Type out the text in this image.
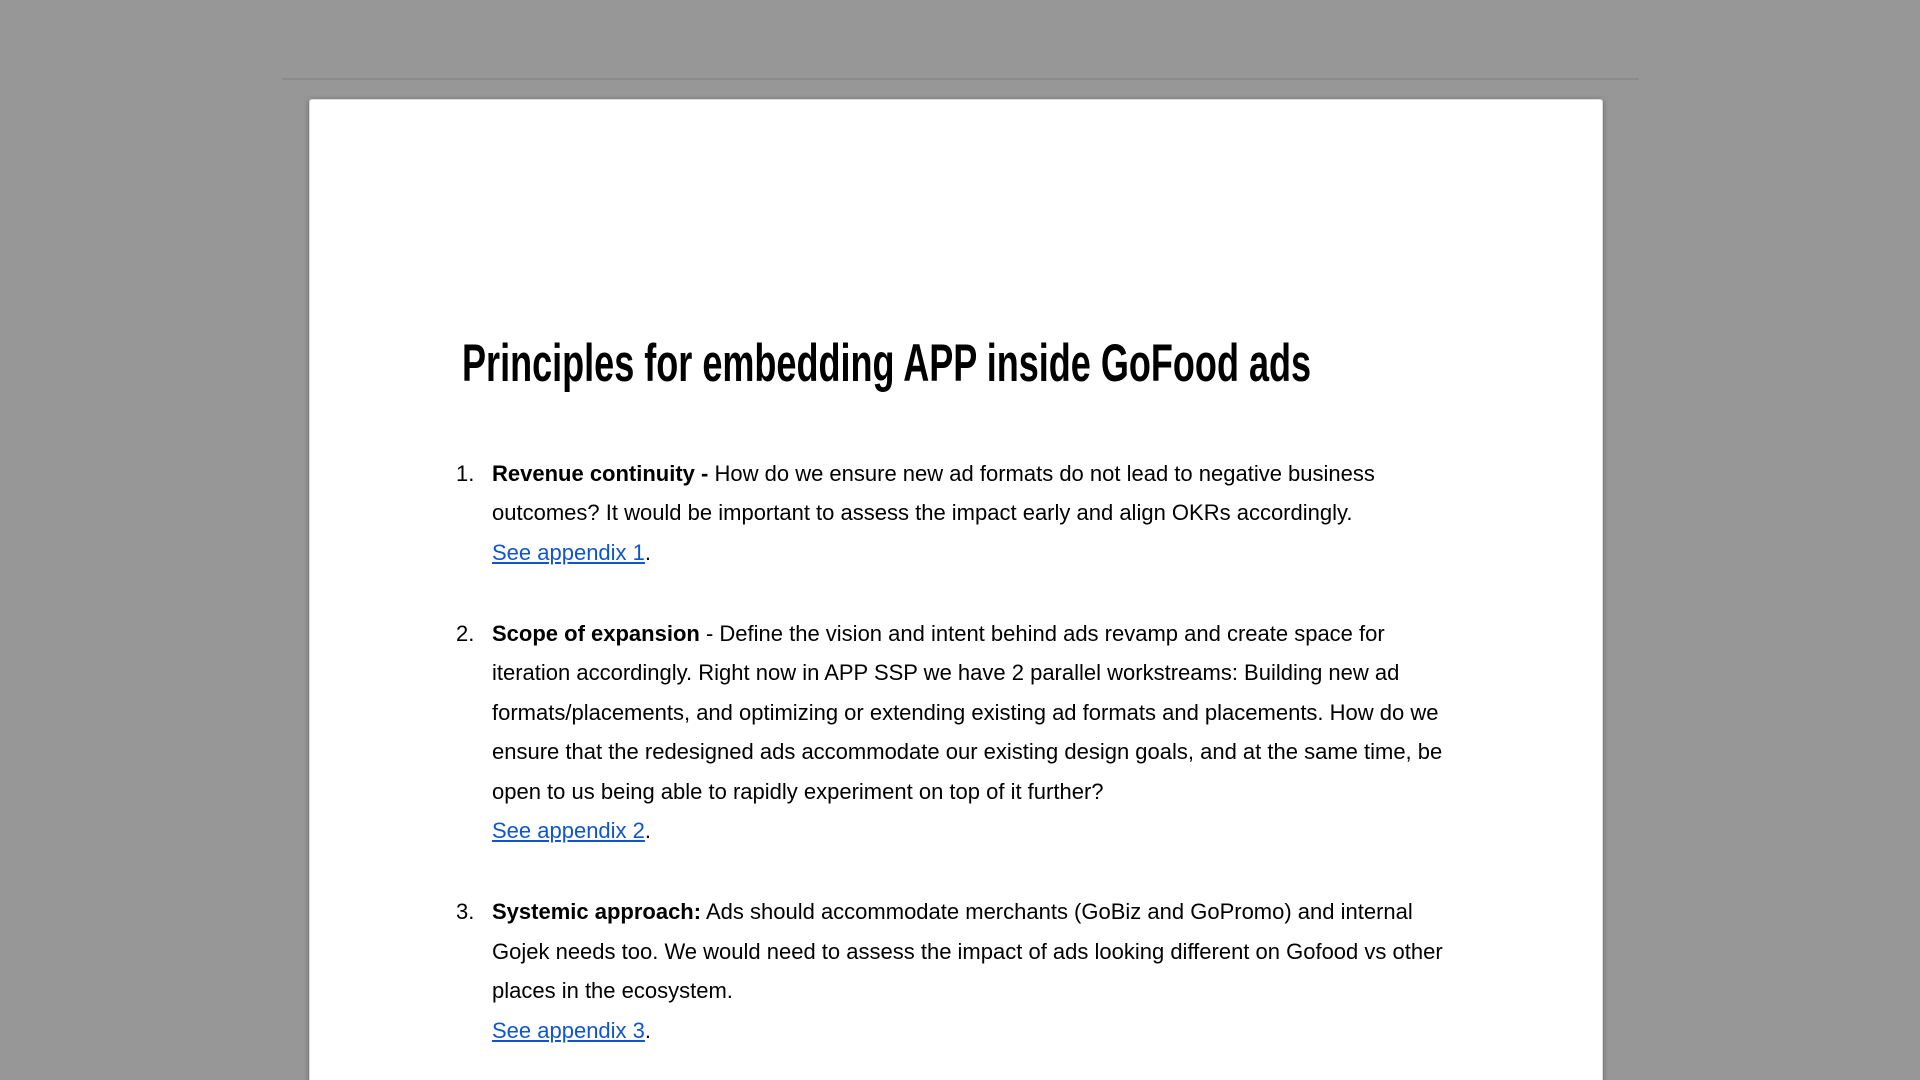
Principles for embedding APP inside GoFood ads
1. Revenue continuity - How do we ensure new ad formats do not lead to negative business outcomes? It would be important to assess the impact early and align OKRs accordingly.
See appendix 1.
2. Scope of expansion - Define the vision and intent behind ads revamp and create space for iteration accordingly. Right now in APP SSP we have 2 parallel workstreams: Building new ad formats/placements, and optimizing or extending existing ad formats and placements. How do we ensure that the redesigned ads accommodate our existing design goals, and at the same time, be open to us being able to rapidly experiment on top of it further?
See appendix 2.
3. Systemic approach: Ads should accommodate merchants (GoBiz and GoPromo) and internal Gojek needs too. We would need to assess the impact of ads looking different on Gofood vs other places in the ecosystem.
See appendix 3.
